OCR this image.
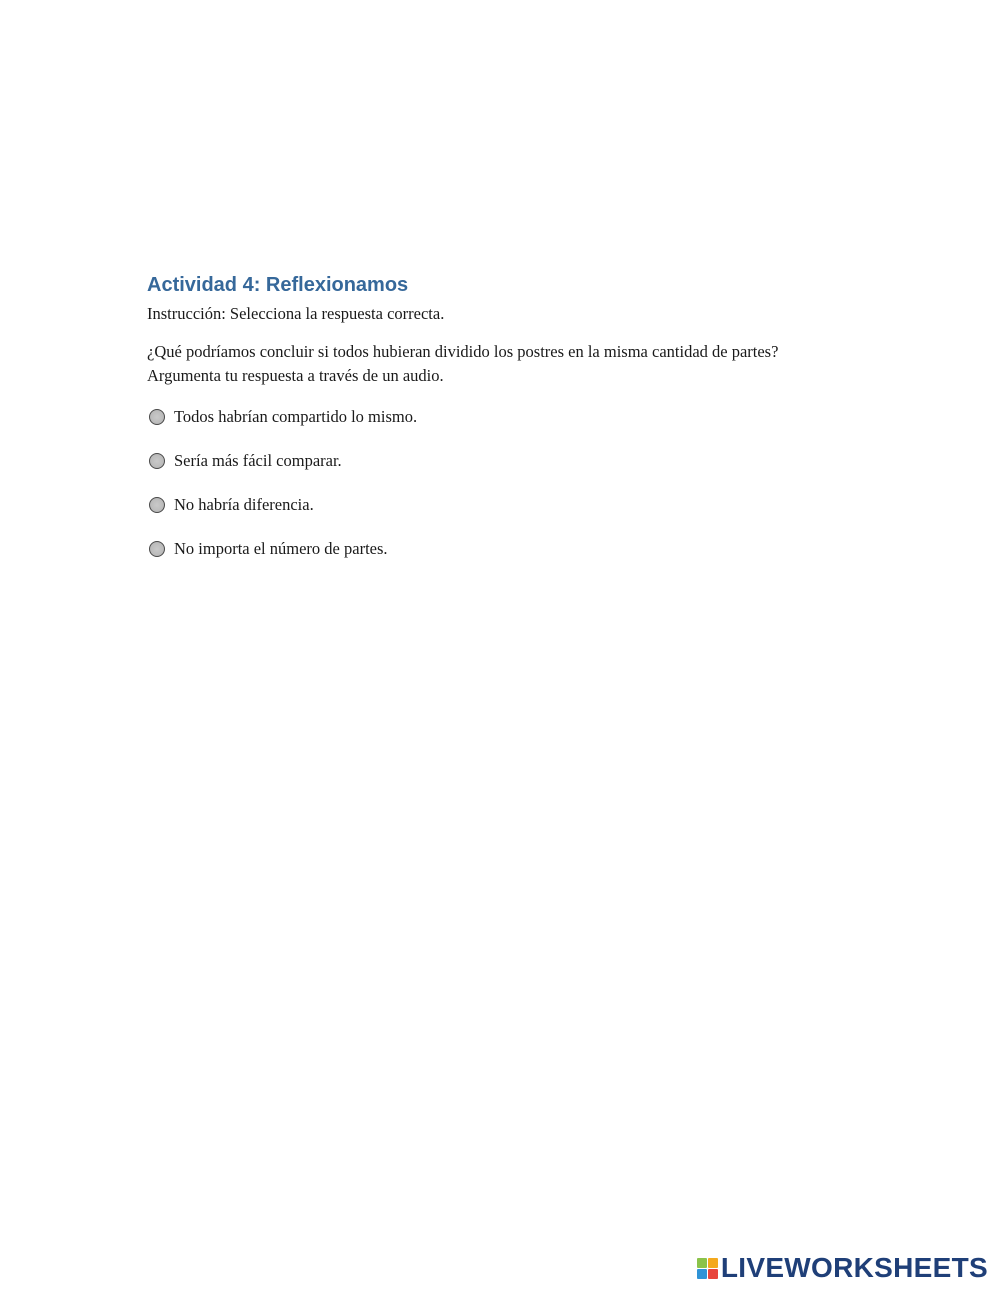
Actividad 4: Reflexionamos

Instrucción: Selecciona la respuesta correcta.

¿Qué podríamos concluir si todos hubieran dividido los postres en la misma cantidad de partes? Argumenta tu respuesta a través de un audio.

Todos habrían compartido lo mismo.
Sería más fácil comparar.
No habría diferencia.
No importa el número de partes.
LIVEWORKSHEETS
